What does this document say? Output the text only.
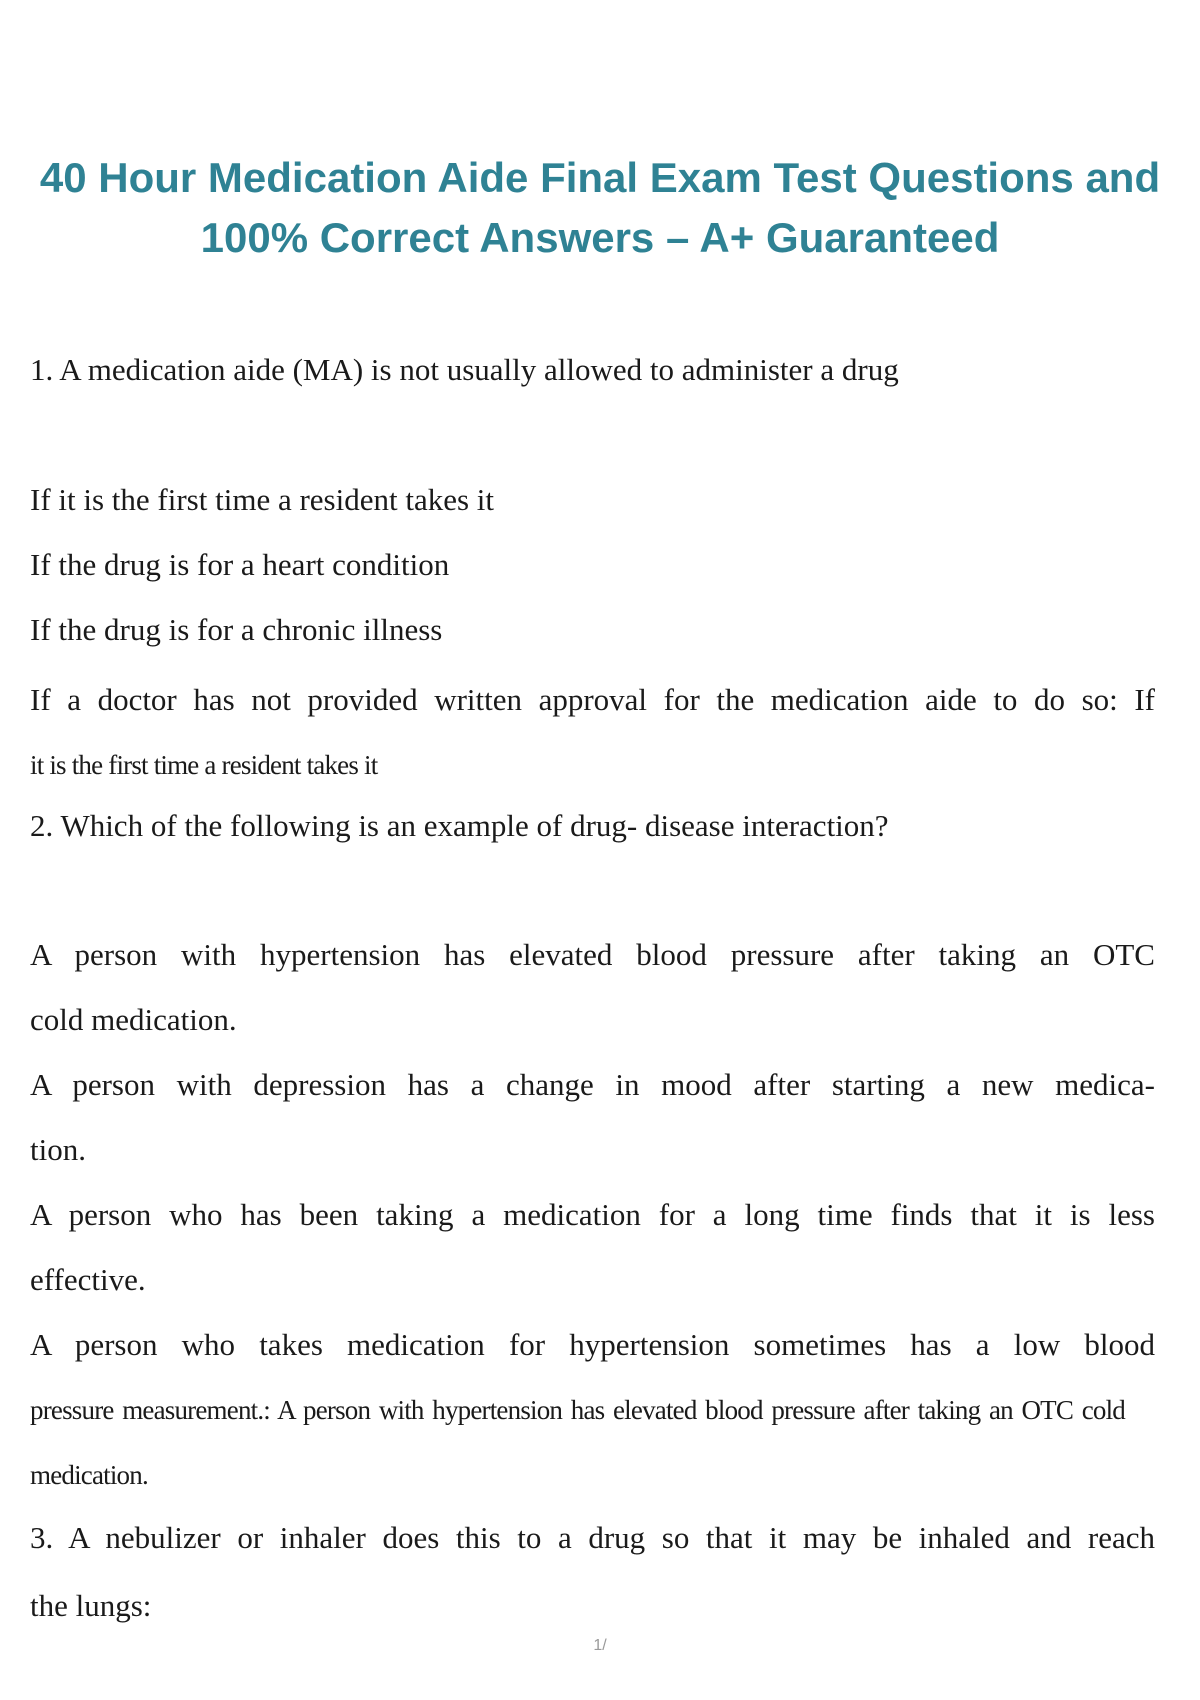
40 Hour Medication Aide Final Exam Test Questions and
100% Correct Answers – A+ Guaranteed

1. A medication aide (MA) is not usually allowed to administer a drug

If it is the first time a resident takes it

If the drug is for a heart condition

If the drug is for a chronic illness

If a doctor has not provided written approval for the medication aide to do so: If

it is the first time a resident takes it

2. Which of the following is an example of drug- disease interaction?

A person with hypertension has elevated blood pressure after taking an OTC

cold medication.

A person with depression has a change in mood after starting a new medica-

tion.

A person who has been taking a medication for a long time finds that it is less

effective.

A person who takes medication for hypertension sometimes has a low blood

pressure measurement.: A person with hypertension has elevated blood pressure after taking an OTC cold

medication.

3. A nebulizer or inhaler does this to a drug so that it may be inhaled and reach

the lungs:

1/
